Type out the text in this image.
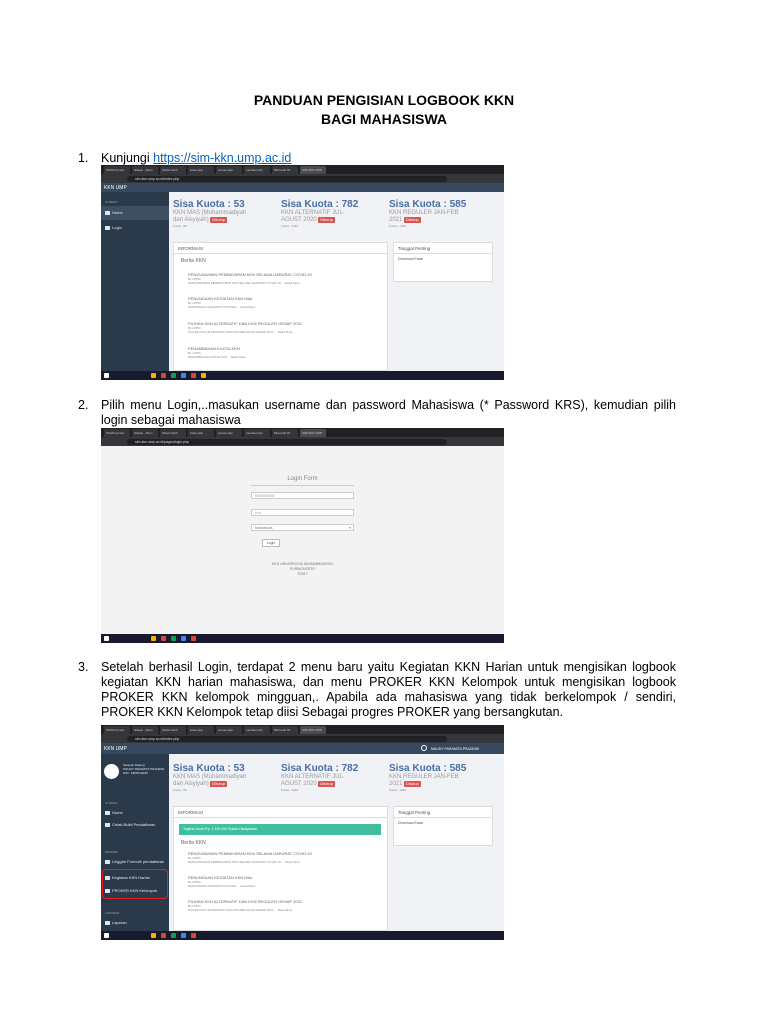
PANDUAN PENGISIAN LOGBOOK KKN
BAGI MAHASISWA
1. Kunjungi https://sim-kkn.ump.ac.id
SKHM (umsr)	dNews - Mum	dNest Nunh	index.php	proses.php	member.php	Microsoft Of	SIM KKN UMP
sim-kkn.ump.ac.id/index.php
KKN UMP
UI MENU
Home
Login
Sisa Kuota : 53
KKN MAS (Muhammadiyah
dan Aisyiyah) Ditutup
Kuota : 80
Sisa Kuota : 782
KKN ALTERNATIF JUL-
AGUST 2020 Ditutup
Kuota : 1440
Sisa Kuota : 585
KKN REGULER JAN-FEB
2021 Ditutup
Kuota : 1440
INFORMASI
Berita KKN
PENGUMUMAN PEMBAYARAN KKN SELAMA DARURAT COVID-19
By LPPM
PENGUMUMAN PEMBAYARAN KKN SELAMA DARURAT COVID-19 ... Read More
PENUNDAAN KEGIATAN KKN MAs
By LPPM
PENUNDAAN KEGIATAN KKN MAs ... Read More
PILIHAN KKN ALTERNATIF DAN KKN REGULER GENAP 2021
By LPPM
PILIHAN KKN ALTERNATIF DAN KKN REGULER GENAP 2021 ... Read More
PENAMBAHAN KUOTA KKN
By LPPM
PENAMBAHAN KUOTA KKN ... Read More
Tanggal Penting
Download Essai
2. Pilih menu Login,..masukan username dan password Mahasiswa (* Password KRS), kemudian pilih login sebagai mahasiswa
SKHM (umsr)	dNews - Mum	dNest Nunh	index.php	proses.php	member.php	Microsoft Of	SIM KKN UMP
sim-kkn.ump.ac.id/pages/login.php
Login Form
0000000000
•••••
Mahasiswa	▾
Login
KKN UNIVERSITAS MUHAMMADIYAH
PURWOKERTO
©2017
3. Setelah berhasil Login, terdapat 2 menu baru yaitu Kegiatan KKN Harian untuk mengisikan logbook kegiatan KKN harian mahasiswa, dan menu PROKER KKN Kelompok untuk mengisikan logbook PROKER KKN kelompok mingguan,. Apabila ada mahasiswa yang tidak berkelompok / sendiri, PROKER KKN Kelompok tetap diisi Sebagai progres PROKER yang bersangkutan.
SKHM (umsr)	dNews - Mum	dNest Nunh	index.php	proses.php	member.php	Microsoft Of	SIM KKN UMP
sim-kkn.ump.ac.id/index.php
KKN UMP	MAUDY PARAMITA PRADEWI
Selamat Datang
MAUDY PARAMITA PRADEWI
NIM : 1806010028
UI MENU
Home
Cetak Bukti Pendaftaran
PROKER
Unggah Formulir pendaftaran
Kegiatan KKN Harian
PROKER KKN Kelompok
LAPORAN
Laporan
Sisa Kuota : 53
KKN MAS (Muhammadiyah
dan Aisyiyah) Ditutup
Kuota : 80
Sisa Kuota : 782
KKN ALTERNATIF JUL-
AGUST 2020 Ditutup
Kuota : 1440
Sisa Kuota : 585
KKN REGULER JAN-FEB
2021 Ditutup
Kuota : 1440
INFORMASI
Tagihan Anda Rp. 1.140.000 Sudah Dibayarkan
Berita KKN
PENGUMUMAN PEMBAYARAN KKN SELAMA DARURAT COVID-19
By LPPM
PENGUMUMAN PEMBAYARAN KKN SELAMA DARURAT COVID-19 ... Read More
PENUNDAAN KEGIATAN KKN MAs
By LPPM
PENUNDAAN KEGIATAN KKN MAs ... Read More
PILIHAN KKN ALTERNATIF DAN KKN REGULER GENAP 2021
By LPPM
PILIHAN KKN ALTERNATIF DAN KKN REGULER GENAP 2021 ... Read More
Tanggal Penting
Download Essai
